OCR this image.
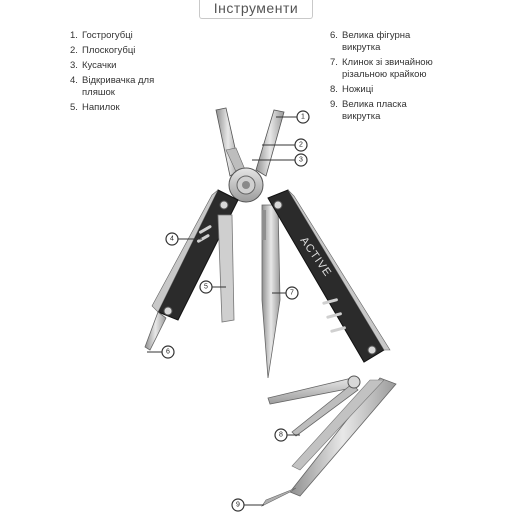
Інструменти
1. Гострогубці
2. Плоскогубці
3. Кусачки
4. Відкривачка для
пляшок
5. Напилок
6. Велика фігурна
викрутка
7. Клинок зі звичайною
різальною крайкою
8. Ножиці
9. Велика пласка
викрутка
ACTIVE
1
2
3
4
5
6
7
8
9
